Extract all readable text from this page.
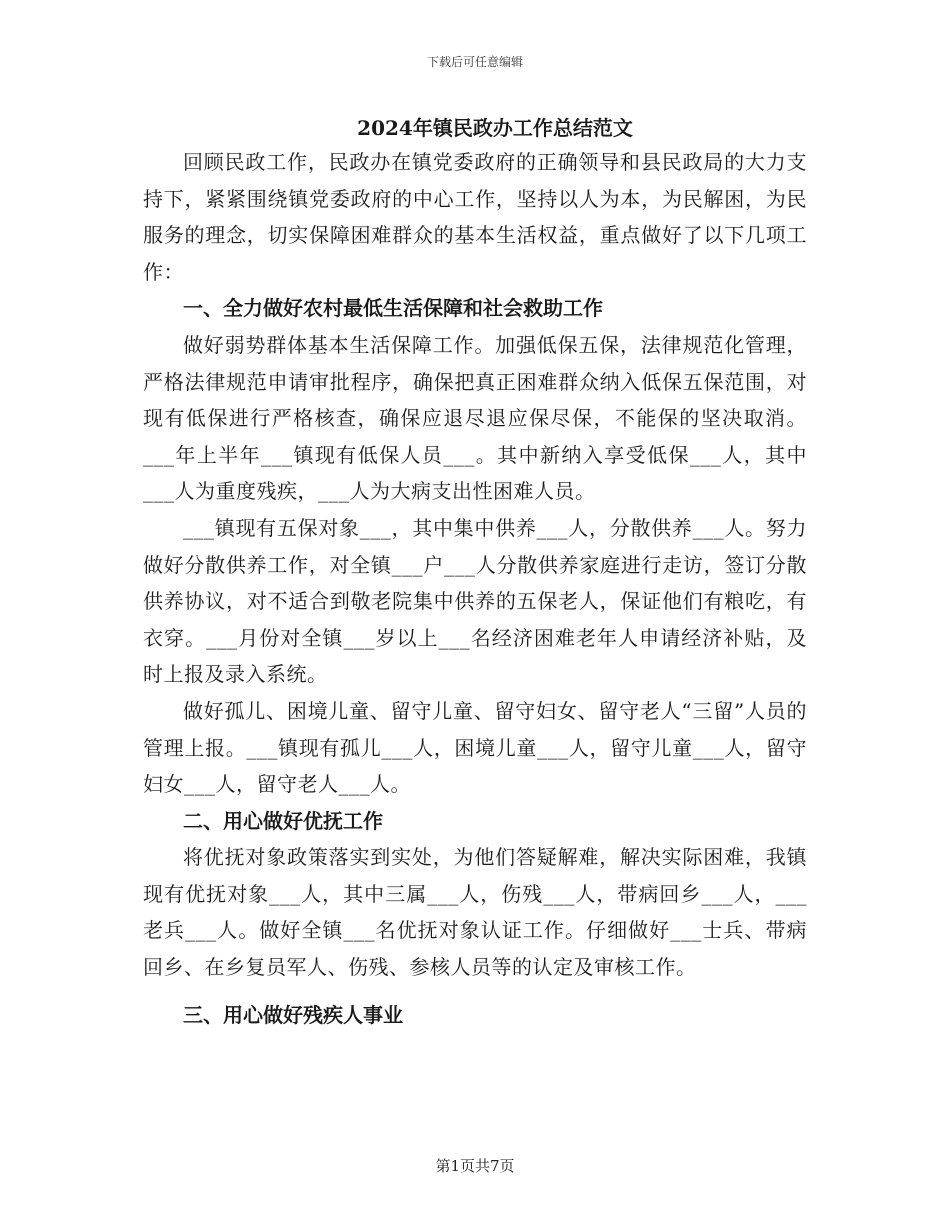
下载后可任意编辑
2024年镇民政办工作总结范文

回顾民政工作，民政办在镇党委政府的正确领导和县民政局的大力支持下，紧紧围绕镇党委政府的中心工作，坚持以人为本，为民解困，为民服务的理念，切实保障困难群众的基本生活权益，重点做好了以下几项工作：

一、全力做好农村最低生活保障和社会救助工作

做好弱势群体基本生活保障工作。加强低保五保，法律规范化管理，严格法律规范申请审批程序，确保把真正困难群众纳入低保五保范围，对现有低保进行严格核查，确保应退尽退应保尽保，不能保的坚决取消。___年上半年___镇现有低保人员___。其中新纳入享受低保___人，其中___人为重度残疾，___人为大病支出性困难人员。

___镇现有五保对象___，其中集中供养___人，分散供养___人。努力做好分散供养工作，对全镇___户___人分散供养家庭进行走访，签订分散供养协议，对不适合到敬老院集中供养的五保老人，保证他们有粮吃，有衣穿。___月份对全镇___岁以上___名经济困难老年人申请经济补贴，及时上报及录入系统。

做好孤儿、困境儿童、留守儿童、留守妇女、留守老人“三留”人员的管理上报。___镇现有孤儿___人，困境儿童___人，留守儿童___人，留守妇女___人，留守老人___人。

二、用心做好优抚工作

将优抚对象政策落实到实处，为他们答疑解难，解决实际困难，我镇现有优抚对象___人，其中三属___人，伤残___人，带病回乡___人，___老兵___人。做好全镇___名优抚对象认证工作。仔细做好___士兵、带病回乡、在乡复员军人、伤残、参核人员等的认定及审核工作。

三、用心做好残疾人事业

第1页共7页
